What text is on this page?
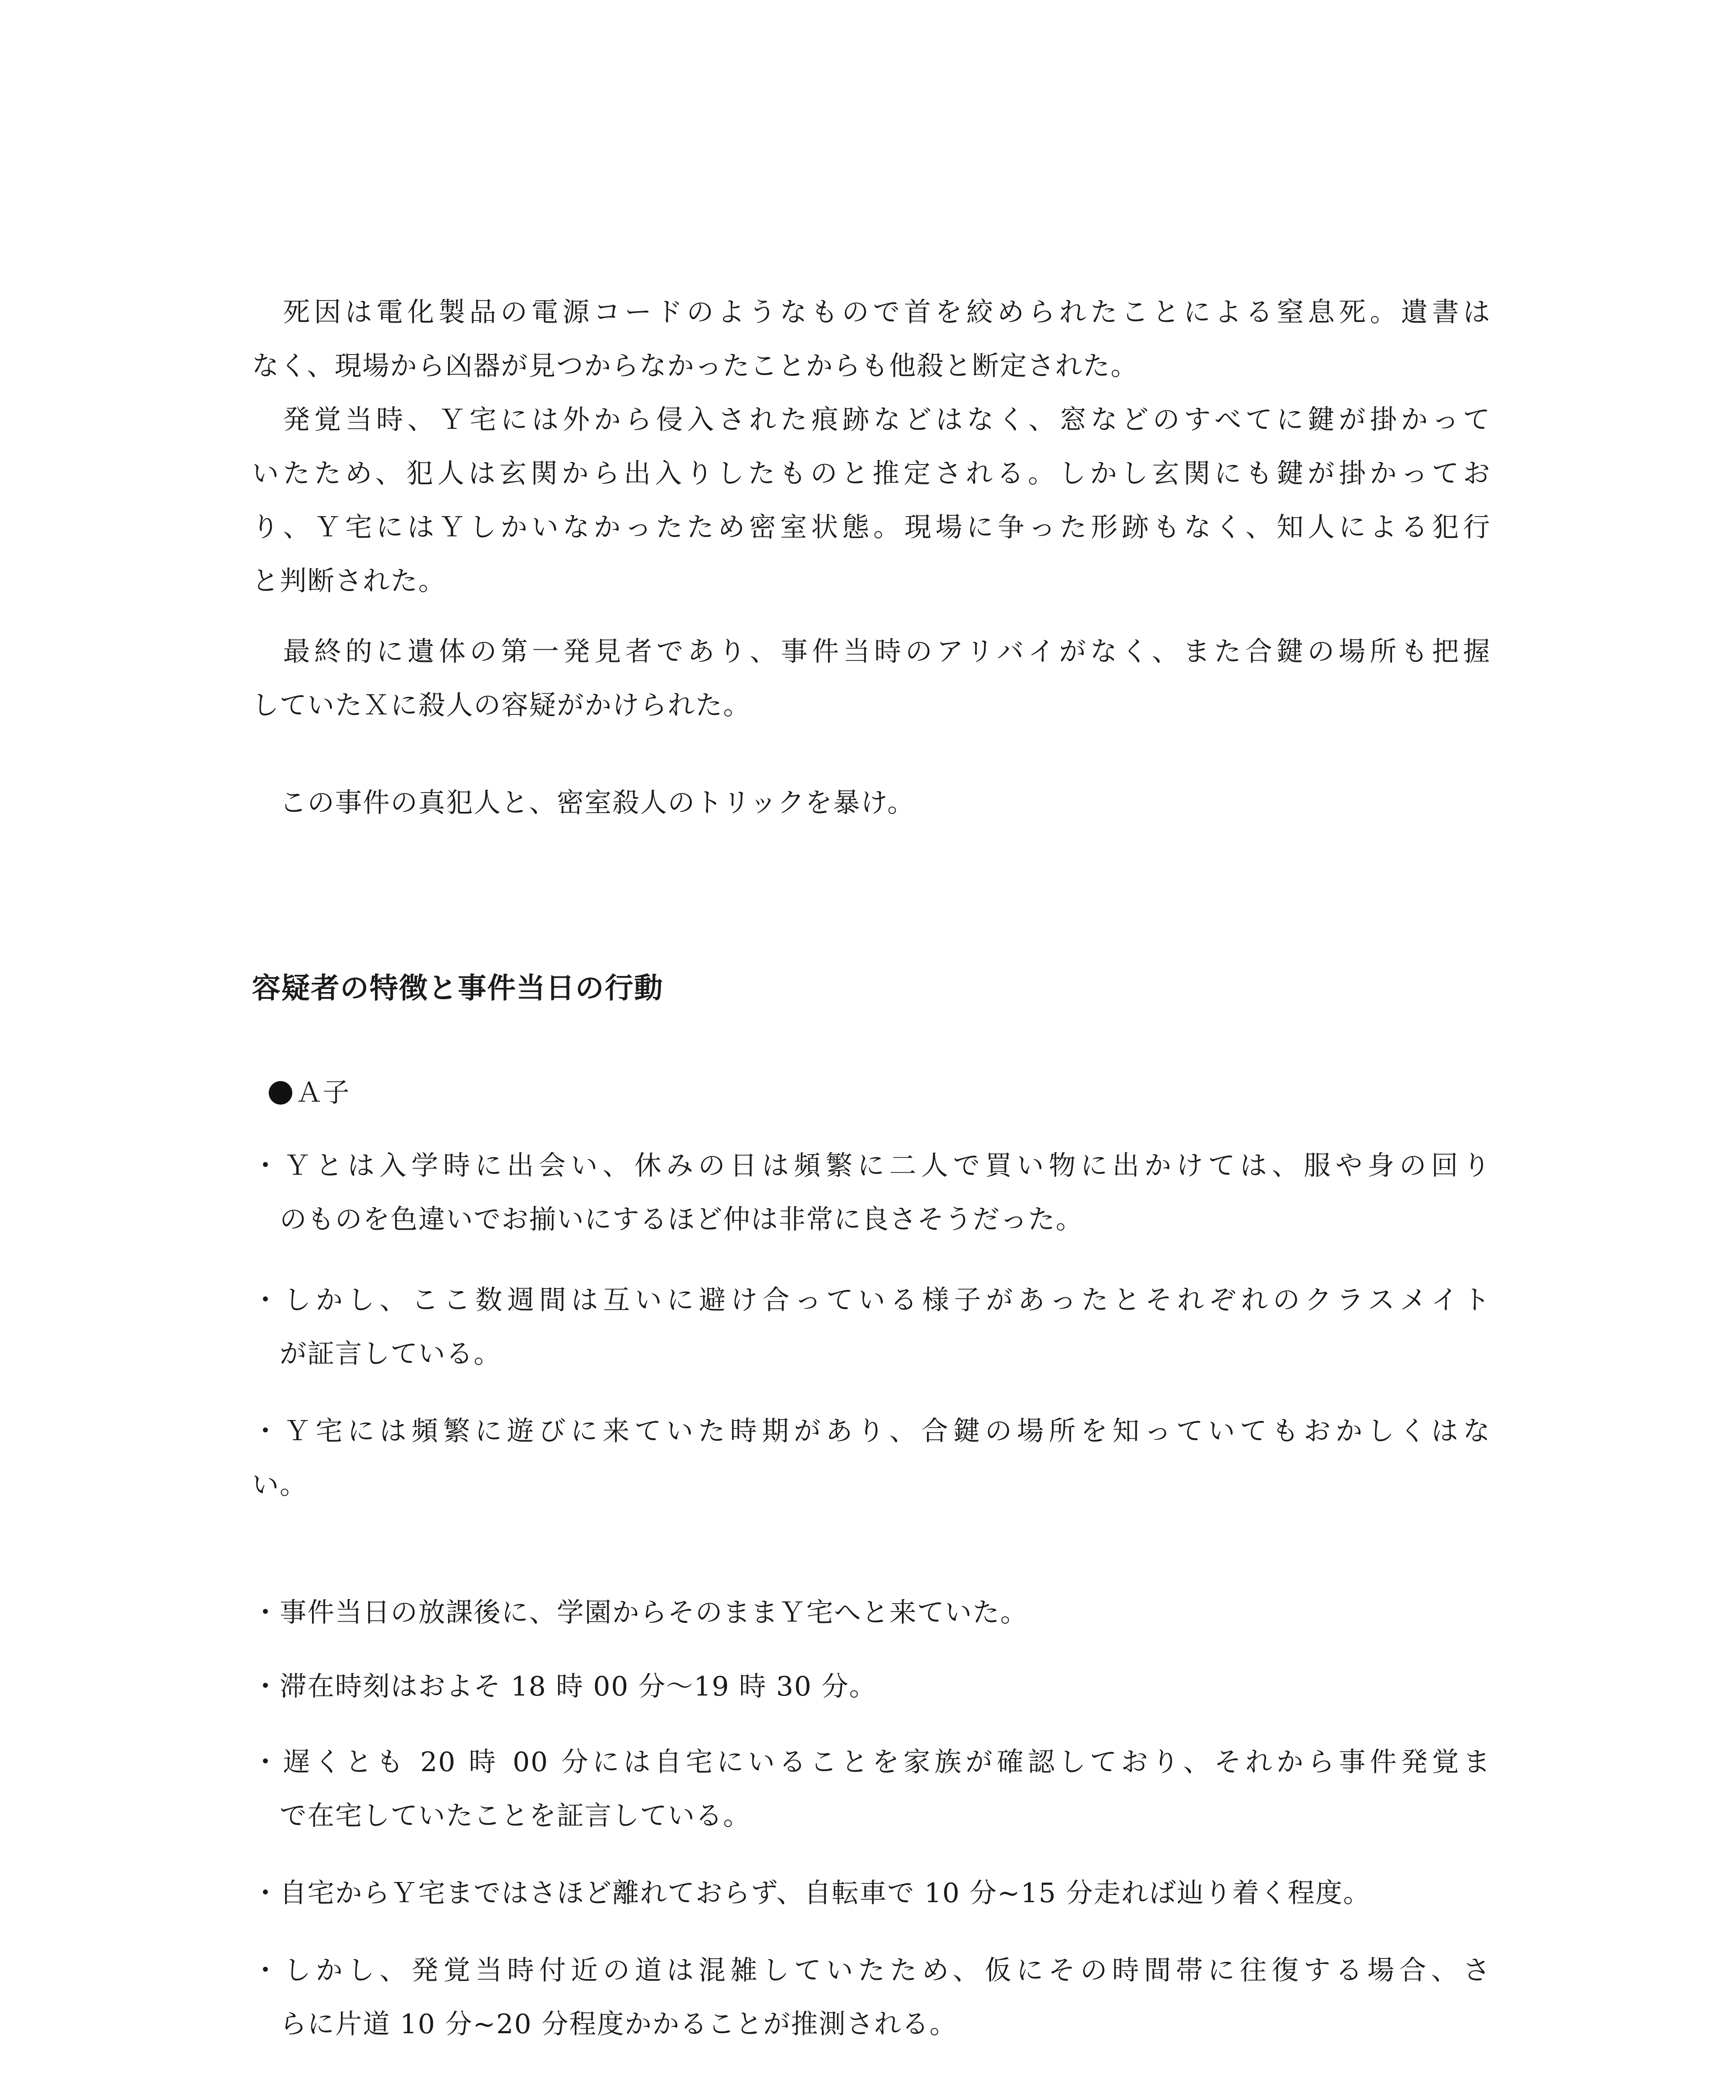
　死因は電化製品の電源コードのようなもので首を絞められたことによる窒息死。遺書は
なく、現場から凶器が見つからなかったことからも他殺と断定された。
　発覚当時、Ｙ宅には外から侵入された痕跡などはなく、窓などのすべてに鍵が掛かって
いたため、犯人は玄関から出入りしたものと推定される。しかし玄関にも鍵が掛かってお
り、Ｙ宅にはＹしかいなかったため密室状態。現場に争った形跡もなく、知人による犯行
と判断された。
　最終的に遺体の第一発見者であり、事件当時のアリバイがなく、また合鍵の場所も把握
していたＸに殺人の容疑がかけられた。
　この事件の真犯人と、密室殺人のトリックを暴け。
容疑者の特徴と事件当日の行動
Ａ子
・Ｙとは入学時に出会い、休みの日は頻繁に二人で買い物に出かけては、服や身の回り
　のものを色違いでお揃いにするほど仲は非常に良さそうだった。
・しかし、ここ数週間は互いに避け合っている様子があったとそれぞれのクラスメイト
　が証言している。
・Ｙ宅には頻繁に遊びに来ていた時期があり、合鍵の場所を知っていてもおかしくはな
い。
・事件当日の放課後に、学園からそのままＹ宅へと来ていた。
・滞在時刻はおよそ 18 時 00 分〜19 時 30 分。
・遅くとも 20 時 00 分には自宅にいることを家族が確認しており、それから事件発覚ま
　で在宅していたことを証言している。
・自宅からＹ宅まではさほど離れておらず、自転車で 10 分~15 分走れば辿り着く程度。
・しかし、発覚当時付近の道は混雑していたため、仮にその時間帯に往復する場合、さ
　らに片道 10 分~20 分程度かかることが推測される。
